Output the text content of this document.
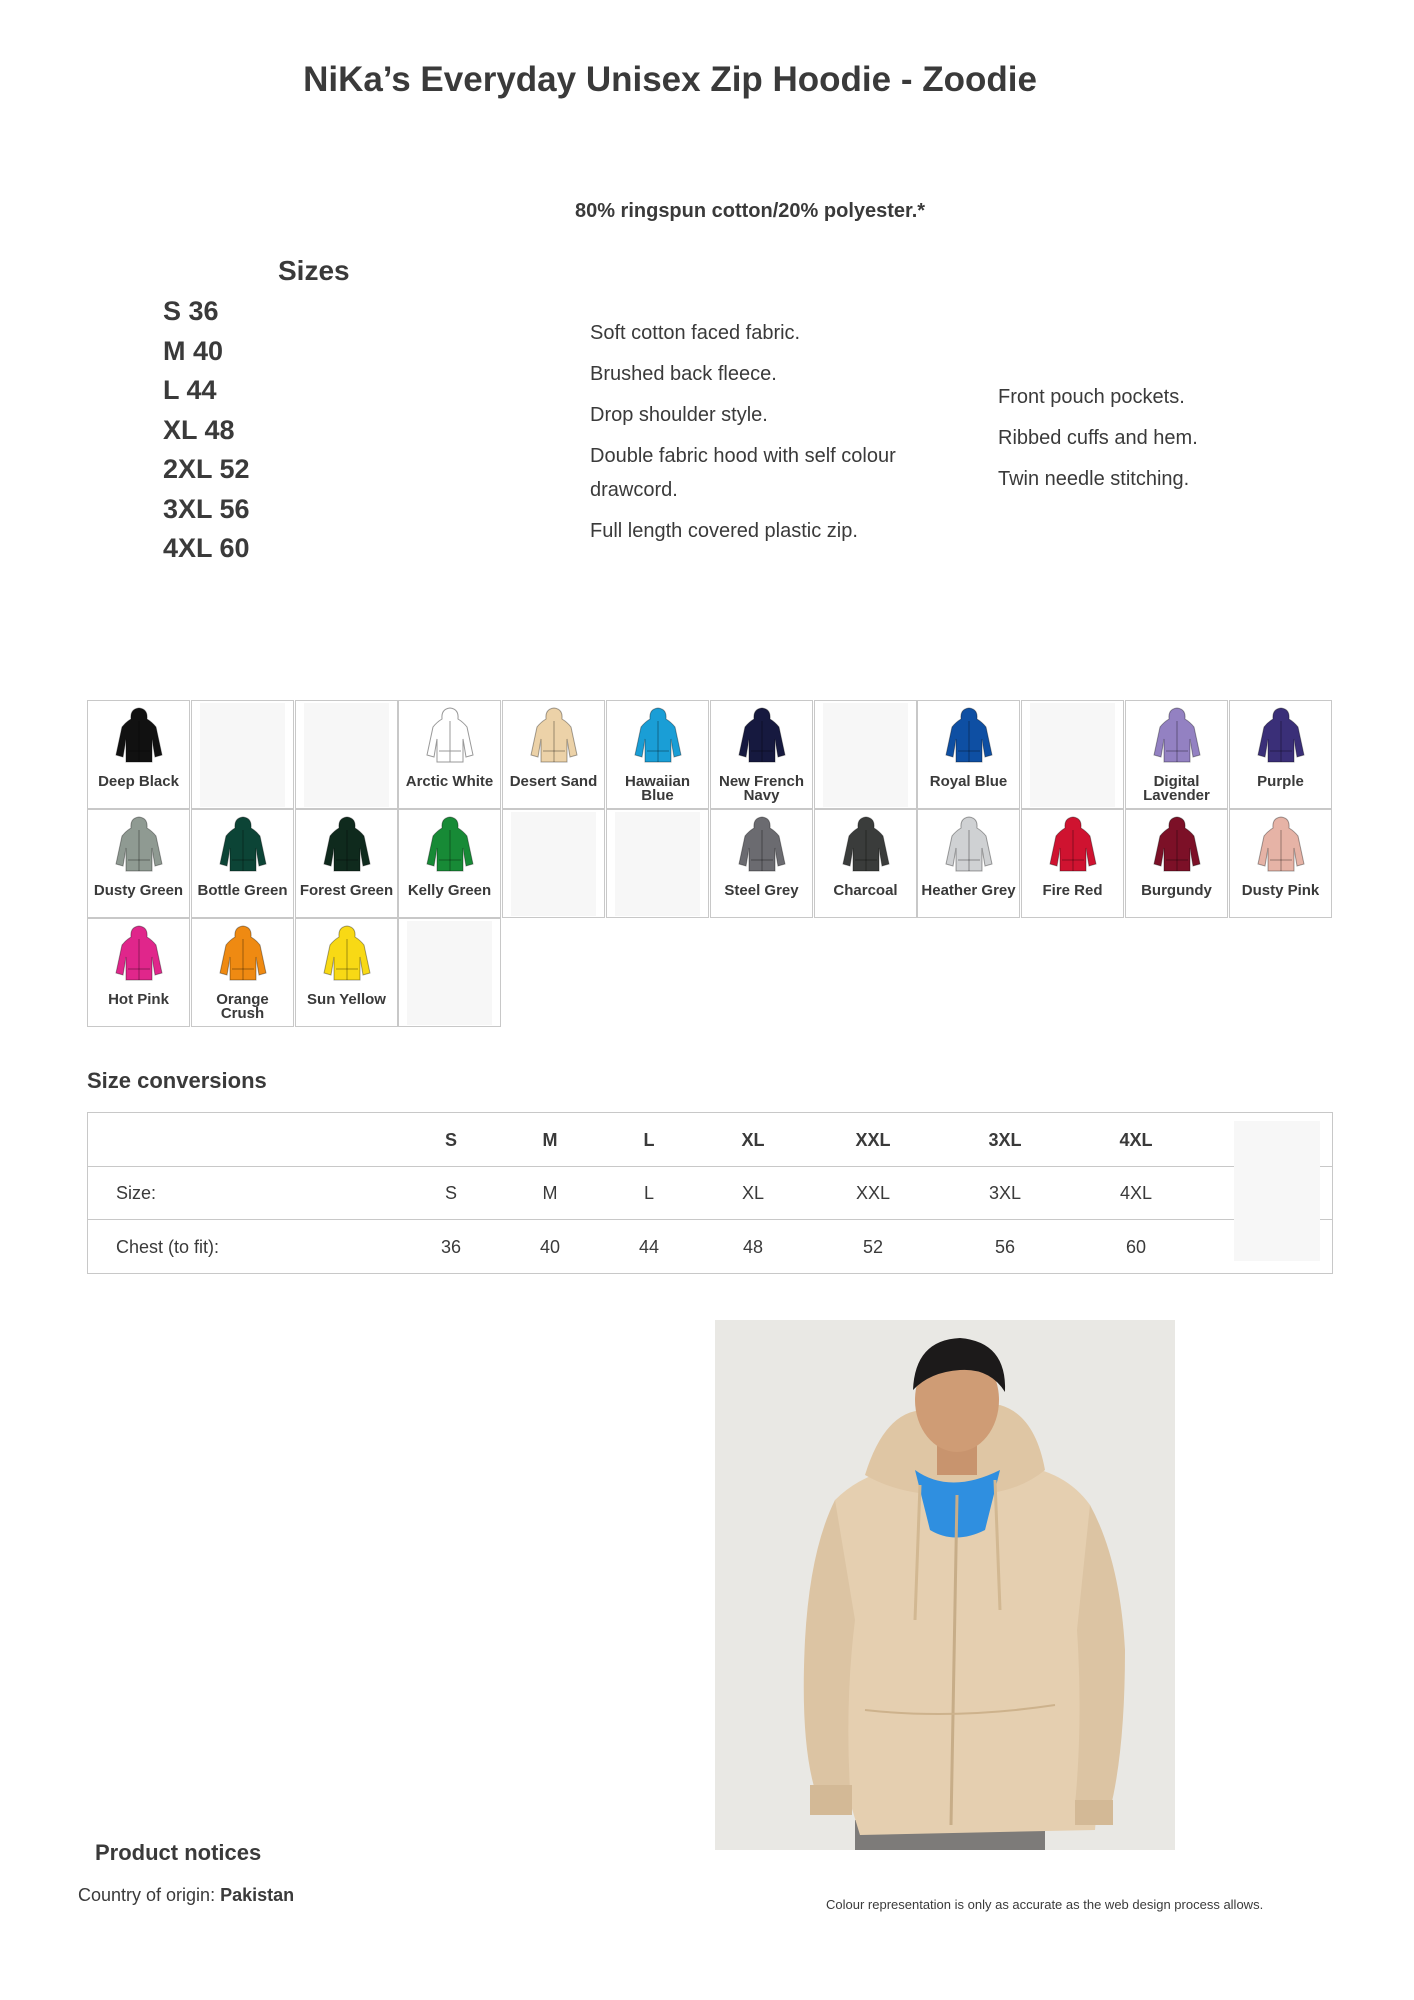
NiKa’s Everyday Unisex Zip Hoodie - Zoodie
80% ringspun cotton/20% polyester.*
Sizes
S 36
M 40
L 44
XL 48
2XL 52
3XL 56
4XL 60
Soft cotton faced fabric.
Brushed back fleece.
Drop shoulder style.
Double fabric hood with self colour drawcord.
Full length covered plastic zip.
Front pouch pockets.
Ribbed cuffs and hem.
Twin needle stitching.
Deep Black	Arctic White	Desert Sand	Hawaiian Blue
New French Navy
Royal Blue	Digital Lavender
Purple
Dusty Green Bottle Green Forest Green Kelly Green	Steel Grey	Charcoal	Heather Grey	Fire Red	Burgundy	Dusty Pink
Hot Pink	Orange Crush
Sun Yellow
Size conversions
S	M	L	XL	XXL	3XL	4XL
Size:	S	M	L	XL	XXL	3XL	4XL
Chest (to fit):	36	40	44	48	52	56	60
Product notices
Country of origin: Pakistan	Colour representation is only as accurate as the web design process allows.
